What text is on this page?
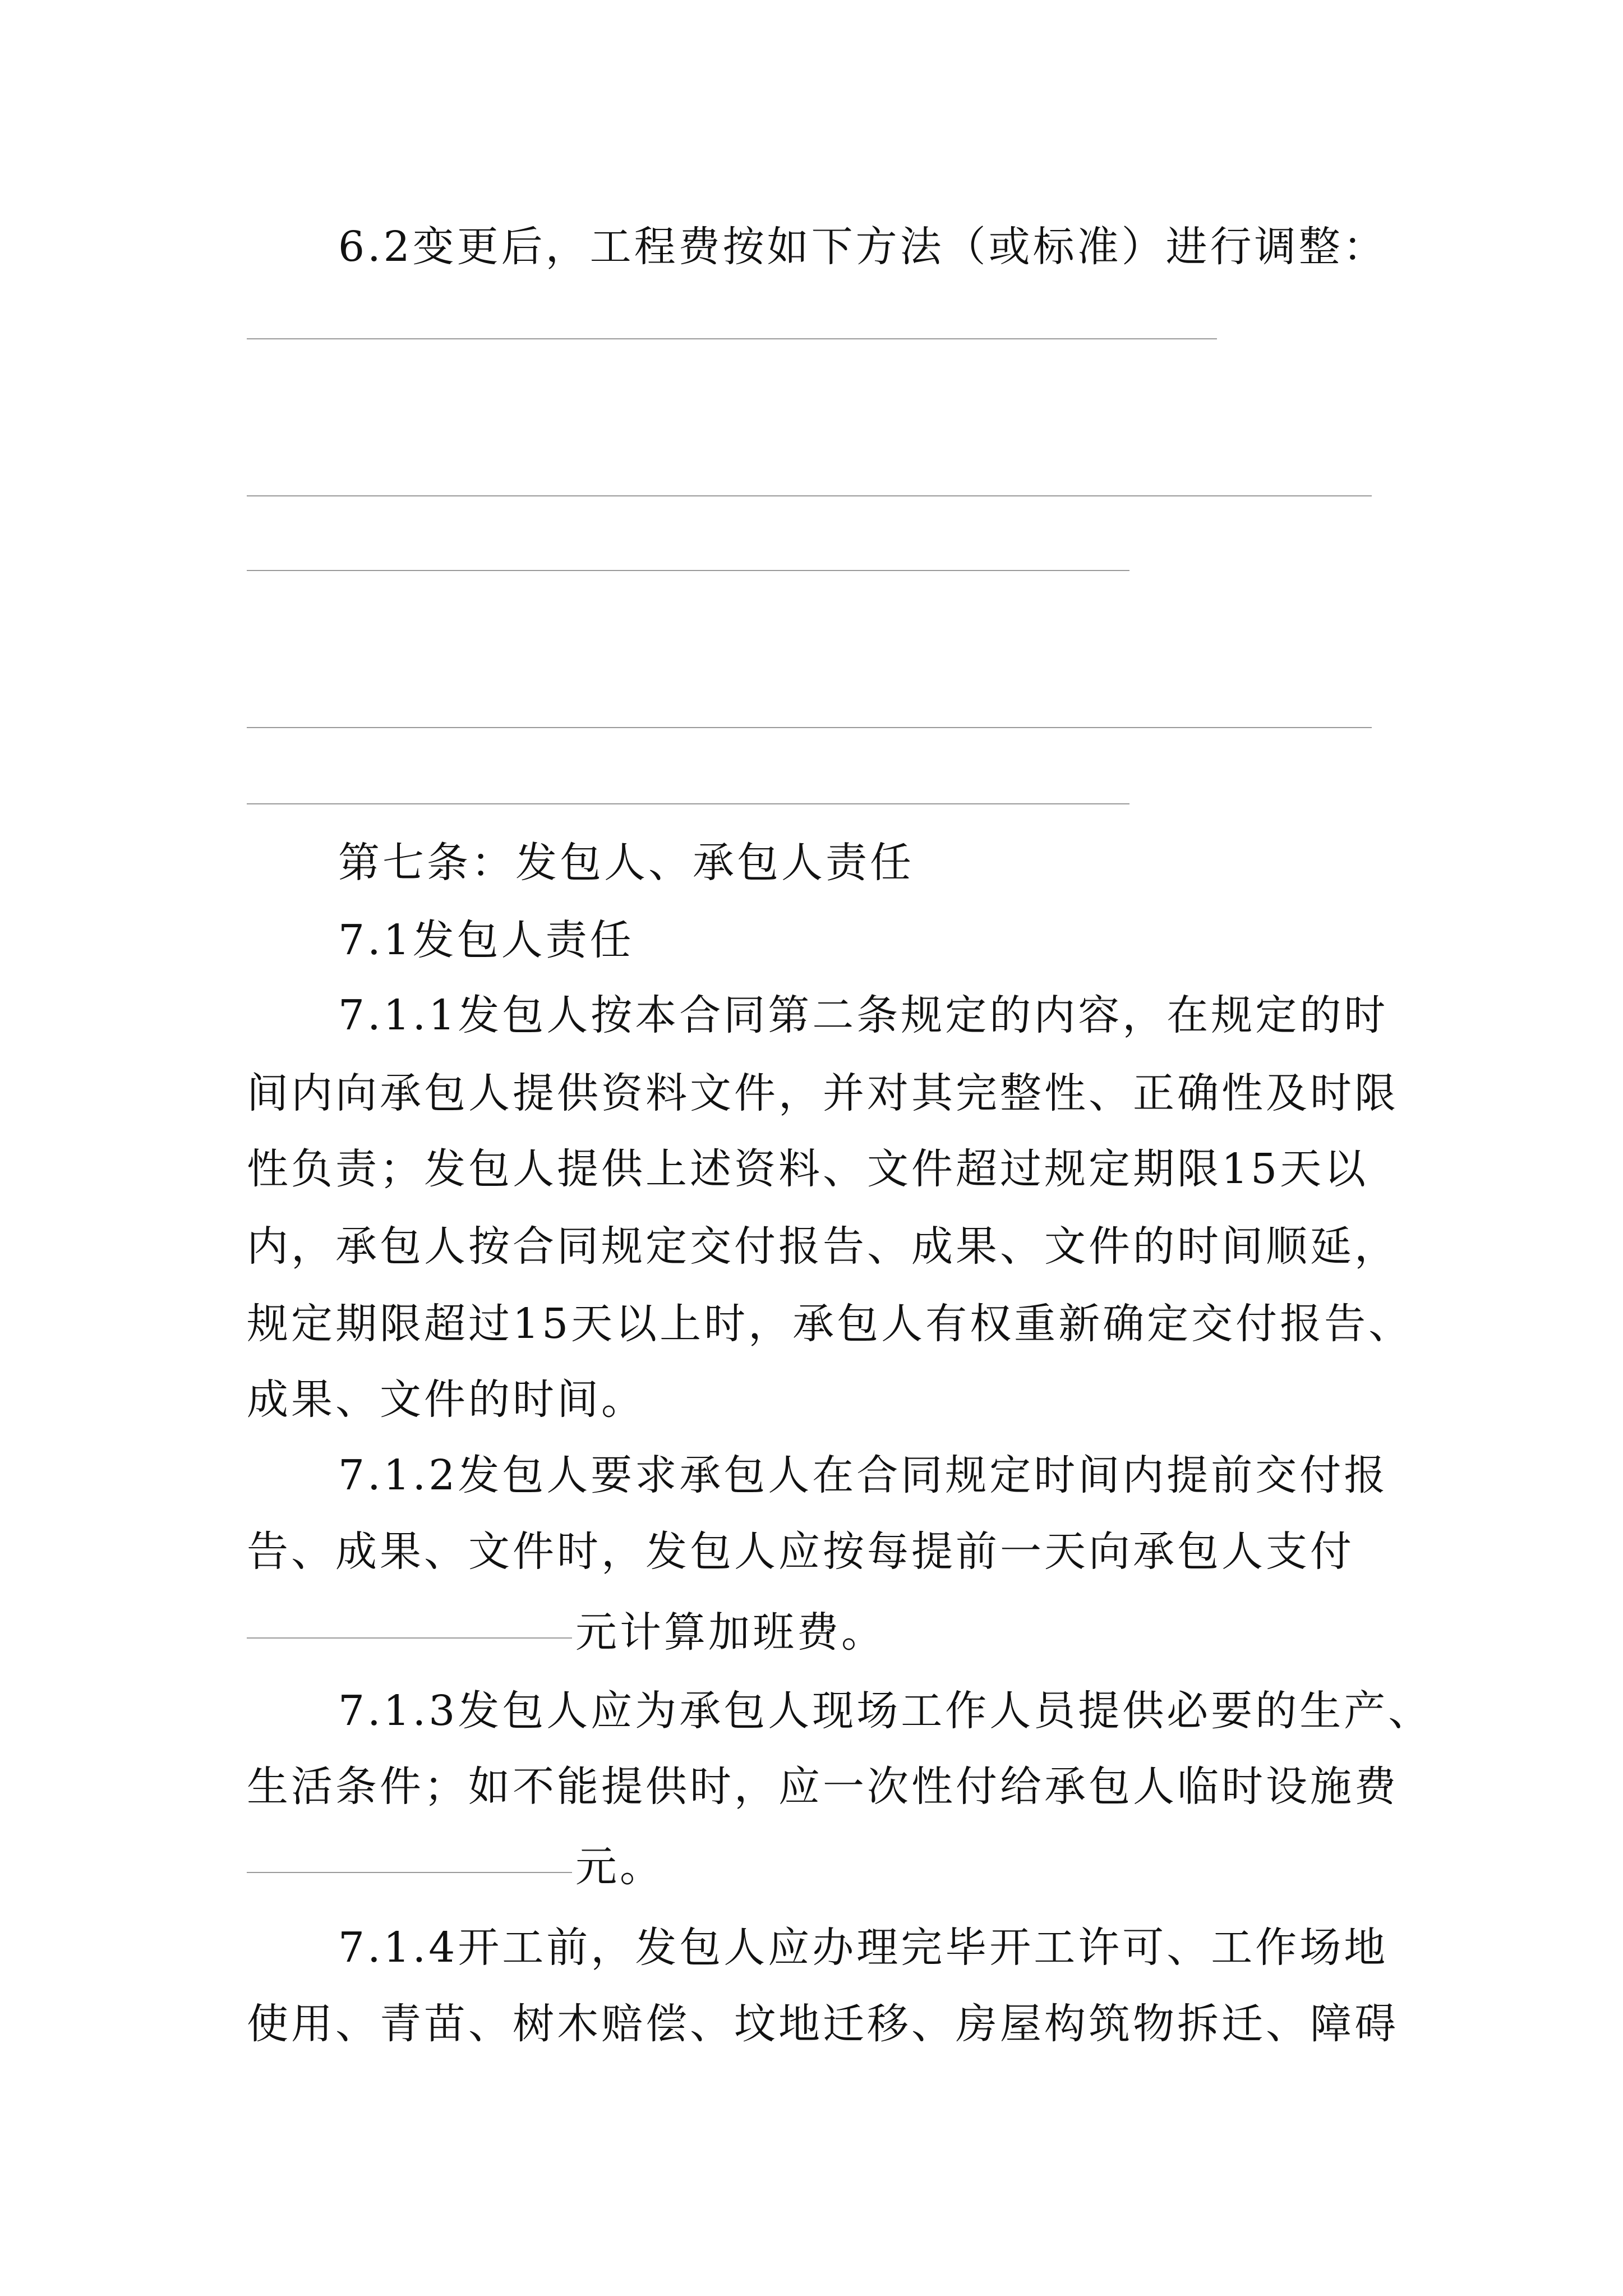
6.2变更后，工程费按如下方法（或标准）进行调整：
第七条：发包人、承包人责任
7.1发包人责任
7.1.1发包人按本合同第二条规定的内容，在规定的时
间内向承包人提供资料文件，并对其完整性、正确性及时限
性负责；发包人提供上述资料、文件超过规定期限15天以
内，承包人按合同规定交付报告、成果、文件的时间顺延，
规定期限超过15天以上时，承包人有权重新确定交付报告、
成果、文件的时间。
7.1.2发包人要求承包人在合同规定时间内提前交付报
告、成果、文件时，发包人应按每提前一天向承包人支付
元计算加班费。
7.1.3发包人应为承包人现场工作人员提供必要的生产、
生活条件；如不能提供时，应一次性付给承包人临时设施费
元。
7.1.4开工前，发包人应办理完毕开工许可、工作场地
使用、青苗、树木赔偿、坟地迁移、房屋构筑物拆迁、障碍
